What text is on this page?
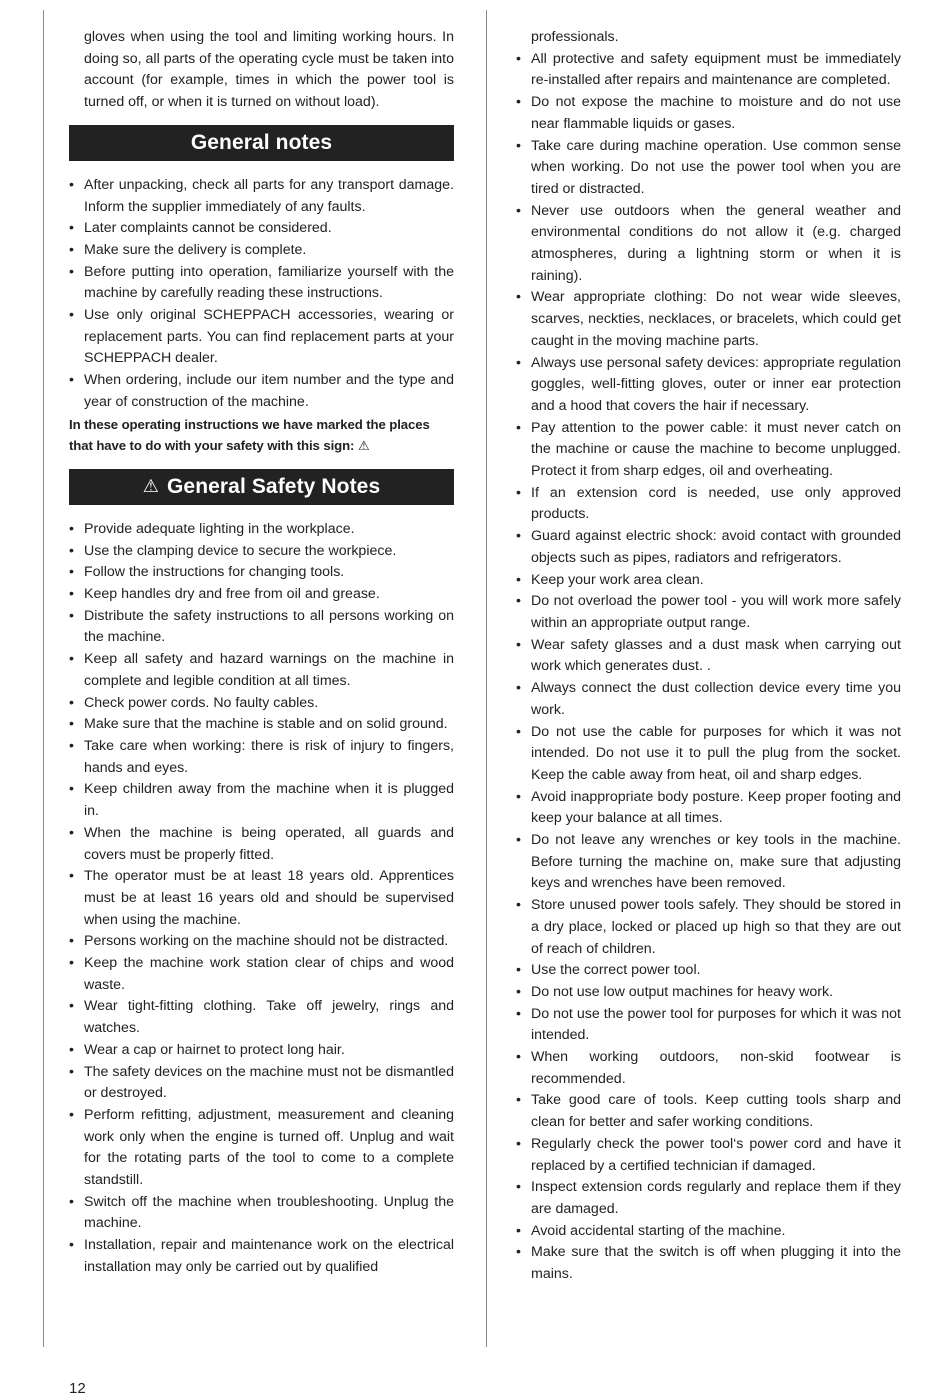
gloves when using the tool and limiting working hours. In doing so, all parts of the operating cycle must be taken into account (for example, times in which the power tool is turned off, or when it is turned on without load).

General notes
• After unpacking, check all parts for any transport damage. Inform the supplier immediately of any faults.
• Later complaints cannot be considered.
• Make sure the delivery is complete.
• Before putting into operation, familiarize yourself with the machine by carefully reading these instructions.
• Use only original SCHEPPACH accessories, wearing or replacement parts. You can find replacement parts at your SCHEPPACH dealer.
• When ordering, include our item number and the type and year of construction of the machine.

In these operating instructions we have marked the places that have to do with your safety with this sign: ⚠

⚠ General Safety Notes
• Provide adequate lighting in the workplace.
• Use the clamping device to secure the workpiece.
• Follow the instructions for changing tools.
• Keep handles dry and free from oil and grease.
• Distribute the safety instructions to all persons working on the machine.
• Keep all safety and hazard warnings on the machine in complete and legible condition at all times.
• Check power cords. No faulty cables.
• Make sure that the machine is stable and on solid ground.
• Take care when working: there is risk of injury to fingers, hands and eyes.
• Keep children away from the machine when it is plugged in.
• When the machine is being operated, all guards and covers must be properly fitted.
• The operator must be at least 18 years old. Apprentices must be at least 16 years old and should be supervised when using the machine.
• Persons working on the machine should not be distracted.
• Keep the machine work station clear of chips and wood waste.
• Wear tight-fitting clothing. Take off jewelry, rings and watches.
• Wear a cap or hairnet to protect long hair.
• The safety devices on the machine must not be dismantled or destroyed.
• Perform refitting, adjustment, measurement and cleaning work only when the engine is turned off. Unplug and wait for the rotating parts of the tool to come to a complete standstill.
• Switch off the machine when troubleshooting. Unplug the machine.
• Installation, repair and maintenance work on the electrical installation may only be carried out by qualified
professionals.
• All protective and safety equipment must be immediately re-installed after repairs and maintenance are completed.
• Do not expose the machine to moisture and do not use near flammable liquids or gases.
• Take care during machine operation. Use common sense when working. Do not use the power tool when you are tired or distracted.
• Never use outdoors when the general weather and environmental conditions do not allow it (e.g. charged atmospheres, during a lightning storm or when it is raining).
• Wear appropriate clothing: Do not wear wide sleeves, scarves, neckties, necklaces, or bracelets, which could get caught in the moving machine parts.
• Always use personal safety devices: appropriate regulation goggles, well-fitting gloves, outer or inner ear protection and a hood that covers the hair if necessary.
• Pay attention to the power cable: it must never catch on the machine or cause the machine to become unplugged. Protect it from sharp edges, oil and overheating.
• If an extension cord is needed, use only approved products.
• Guard against electric shock: avoid contact with grounded objects such as pipes, radiators and refrigerators.
• Keep your work area clean.
• Do not overload the power tool - you will work more safely within an appropriate output range.
• Wear safety glasses and a dust mask when carrying out work which generates dust. .
• Always connect the dust collection device every time you work.
• Do not use the cable for purposes for which it was not intended. Do not use it to pull the plug from the socket. Keep the cable away from heat, oil and sharp edges.
• Avoid inappropriate body posture. Keep proper footing and keep your balance at all times.
• Do not leave any wrenches or key tools in the machine. Before turning the machine on, make sure that adjusting keys and wrenches have been removed.
• Store unused power tools safely. They should be stored in a dry place, locked or placed up high so that they are out of reach of children.
• Use the correct power tool.
• Do not use low output machines for heavy work.
• Do not use the power tool for purposes for which it was not intended.
• When working outdoors, non-skid footwear is recommended.
• Take good care of tools. Keep cutting tools sharp and clean for better and safer working conditions.
• Regularly check the power tool‘s power cord and have it replaced by a certified technician if damaged.
• Inspect extension cords regularly and replace them if they are damaged.
• Avoid accidental starting of the machine.
• Make sure that the switch is off when plugging it into the mains.
12
